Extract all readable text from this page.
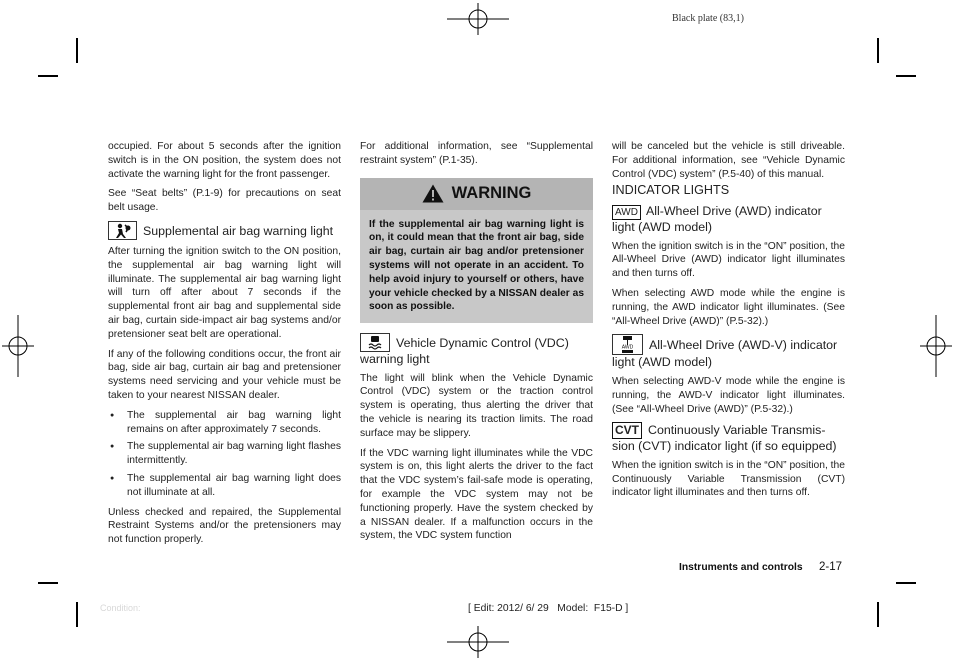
Black plate (83,1)

occupied. For about 5 seconds after the ignition switch is in the ON position, the system does not activate the warning light for the front passenger.

See “Seat belts” (P.1-9) for precautions on seat belt usage.

Supplemental air bag warning light

After turning the ignition switch to the ON position, the supplemental air bag warning light will illuminate. The supplemental air bag warning light will turn off after about 7 seconds if the supplemental front air bag and supplemental side air bag, curtain side-impact air bag systems and/or pretensioner seat belt are operational.

If any of the following conditions occur, the front air bag, side air bag, curtain air bag and pretensioner systems need servicing and your vehicle must be taken to your nearest NISSAN dealer.

● The supplemental air bag warning light remains on after approximately 7 seconds.
● The supplemental air bag warning light flashes intermittently.
● The supplemental air bag warning light does not illuminate at all.

Unless checked and repaired, the Supplemental Restraint Systems and/or the pretensioners may not function properly.

For additional information, see “Supplemental restraint system” (P.1-35).

WARNING
If the supplemental air bag warning light is on, it could mean that the front air bag, side air bag, curtain air bag and/or pretensioner systems will not operate in an accident. To help avoid injury to yourself or others, have your vehicle checked by a NISSAN dealer as soon as possible.
Vehicle Dynamic Control (VDC) warning light

The light will blink when the Vehicle Dynamic Control (VDC) system or the traction control system is operating, thus alerting the driver that the vehicle is nearing its traction limits. The road surface may be slippery.

If the VDC warning light illuminates while the VDC system is on, this light alerts the driver to the fact that the VDC system’s fail-safe mode is operating, for example the VDC system may not be functioning properly. Have the system checked by a NISSAN dealer. If a malfunction occurs in the system, the VDC system function

will be canceled but the vehicle is still driveable. For additional information, see “Vehicle Dynamic Control (VDC) system” (P.5-40) of this manual.

INDICATOR LIGHTS
AWD All-Wheel Drive (AWD) indicator light (AWD model)

When the ignition switch is in the “ON” position, the All-Wheel Drive (AWD) indicator light illuminates and then turns off.

When selecting AWD mode while the engine is running, the AWD indicator light illuminates. (See “All-Wheel Drive (AWD)” (P.5-32).)

AWD All-Wheel Drive (AWD-V) indicator light (AWD model)

When selecting AWD-V mode while the engine is running, the AWD-V indicator light illuminates. (See “All-Wheel Drive (AWD)” (P.5-32).)

CVT Continuously Variable Transmis-sion (CVT) indicator light (if so equipped)

When the ignition switch is in the “ON” position, the Continuously Variable Transmission (CVT) indicator light illuminates and then turns off.

Instruments and controls 2-17
Condition:	[ Edit: 2012/ 6/ 29   Model:  F15-D ]
